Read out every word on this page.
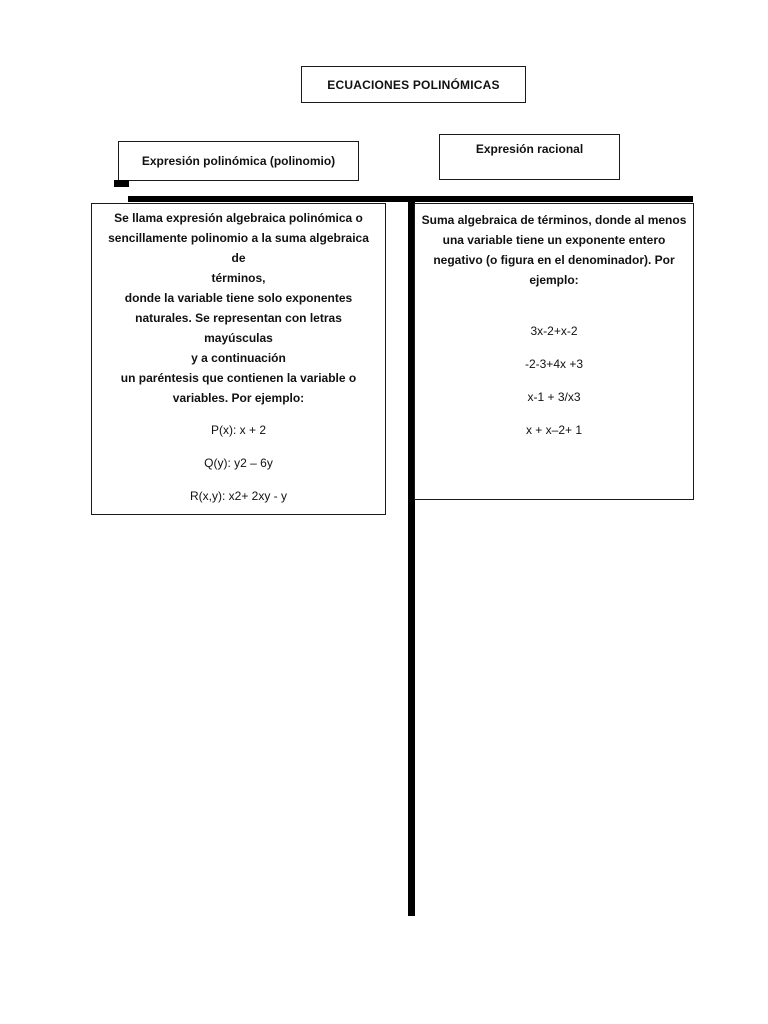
ECUACIONES POLINÓMICAS
Expresión polinómica (polinomio)
Expresión racional

Se llama expresión algebraica polinómica o

sencillamente polinomio a la suma algebraica de

términos,

donde la variable tiene solo exponentes

naturales. Se representan con letras mayúsculas

y a continuación

un paréntesis que contienen la variable o

variables. Por ejemplo:

P(x): x + 2
Q(y): y2 – 6y
R(x,y): x2+ 2xy - y

Suma algebraica de términos, donde al menos

una variable tiene un exponente entero

negativo (o figura en el denominador). Por

ejemplo:

3x-2+x-2
-2-3+4x +3
x-1 + 3/x3
x + x–2+ 1
